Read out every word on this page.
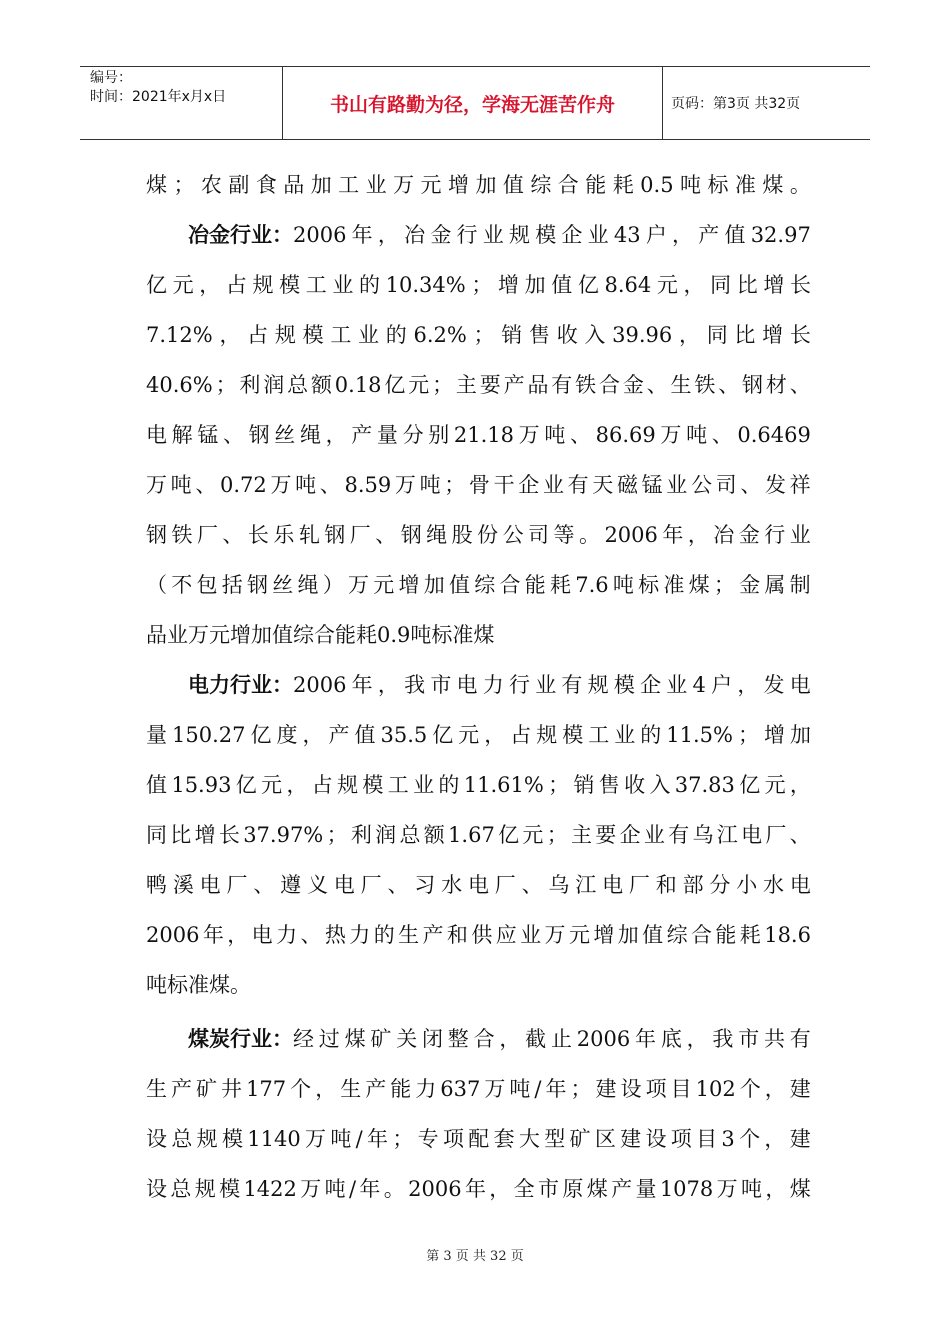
编号：
时间：2021年x月x日	书山有路勤为径，学海无涯苦作舟	页码：第3页 共32页
煤 ； 农 副 食 品 加 工 业 万 元 增 加 值 综 合 能 耗 0.5 吨 标 准 煤 。
冶金行业： 2006 年 ， 冶 金 行 业 规 模 企 业 43 户 ， 产 值 32.97
亿 元 ， 占 规 模 工 业 的 10.34% ； 增 加 值 亿 8.64 元 ， 同 比 增 长
7.12% ， 占 规 模 工 业 的 6.2% ； 销 售 收 入 39.96 ， 同 比 增 长
40.6% ； 利 润 总 额 0.18 亿 元 ； 主 要 产 品 有 铁 合 金 、 生 铁 、 钢 材 、
电 解 锰 、 钢 丝 绳 ， 产 量 分 别 21.18 万 吨 、 86.69 万 吨 、 0.6469
万 吨 、 0.72 万 吨 、 8.59 万 吨 ； 骨 干 企 业 有 天 磁 锰 业 公 司 、 发 祥
钢 铁 厂 、 长 乐 轧 钢 厂 、 钢 绳 股 份 公 司 等 。 2006 年 ， 冶 金 行 业
（ 不 包 括 钢 丝 绳 ） 万 元 增 加 值 综 合 能 耗 7.6 吨 标 准 煤 ； 金 属 制
品业万元增加值综合能耗0.9吨标准煤
电力行业： 2006 年 ， 我 市 电 力 行 业 有 规 模 企 业 4 户 ， 发 电
量 150.27 亿 度 ， 产 值 35.5 亿 元 ， 占 规 模 工 业 的 11.5% ； 增 加
值 15.93 亿 元 ， 占 规 模 工 业 的 11.61% ； 销 售 收 入 37.83 亿 元 ，
同 比 增 长 37.97% ； 利 润 总 额 1.67 亿 元 ； 主 要 企 业 有 乌 江 电 厂 、
鸭 溪 电 厂 、 遵 义 电 厂 、 习 水 电 厂 、 乌 江 电 厂 和 部 分 小 水 电
2006 年 ， 电 力 、 热 力 的 生 产 和 供 应 业 万 元 增 加 值 综 合 能 耗 18.6
吨标准煤。
煤炭行业： 经 过 煤 矿 关 闭 整 合 ， 截 止 2006 年 底 ， 我 市 共 有
生 产 矿 井 177 个 ， 生 产 能 力 637 万 吨 / 年 ； 建 设 项 目 102 个 ， 建
设 总 规 模 1140 万 吨 / 年 ； 专 项 配 套 大 型 矿 区 建 设 项 目 3 个 ， 建
设 总 规 模 1422 万 吨 / 年 。 2006 年 ， 全 市 原 煤 产 量 1078 万 吨 ， 煤
第 3 页 共 32 页
